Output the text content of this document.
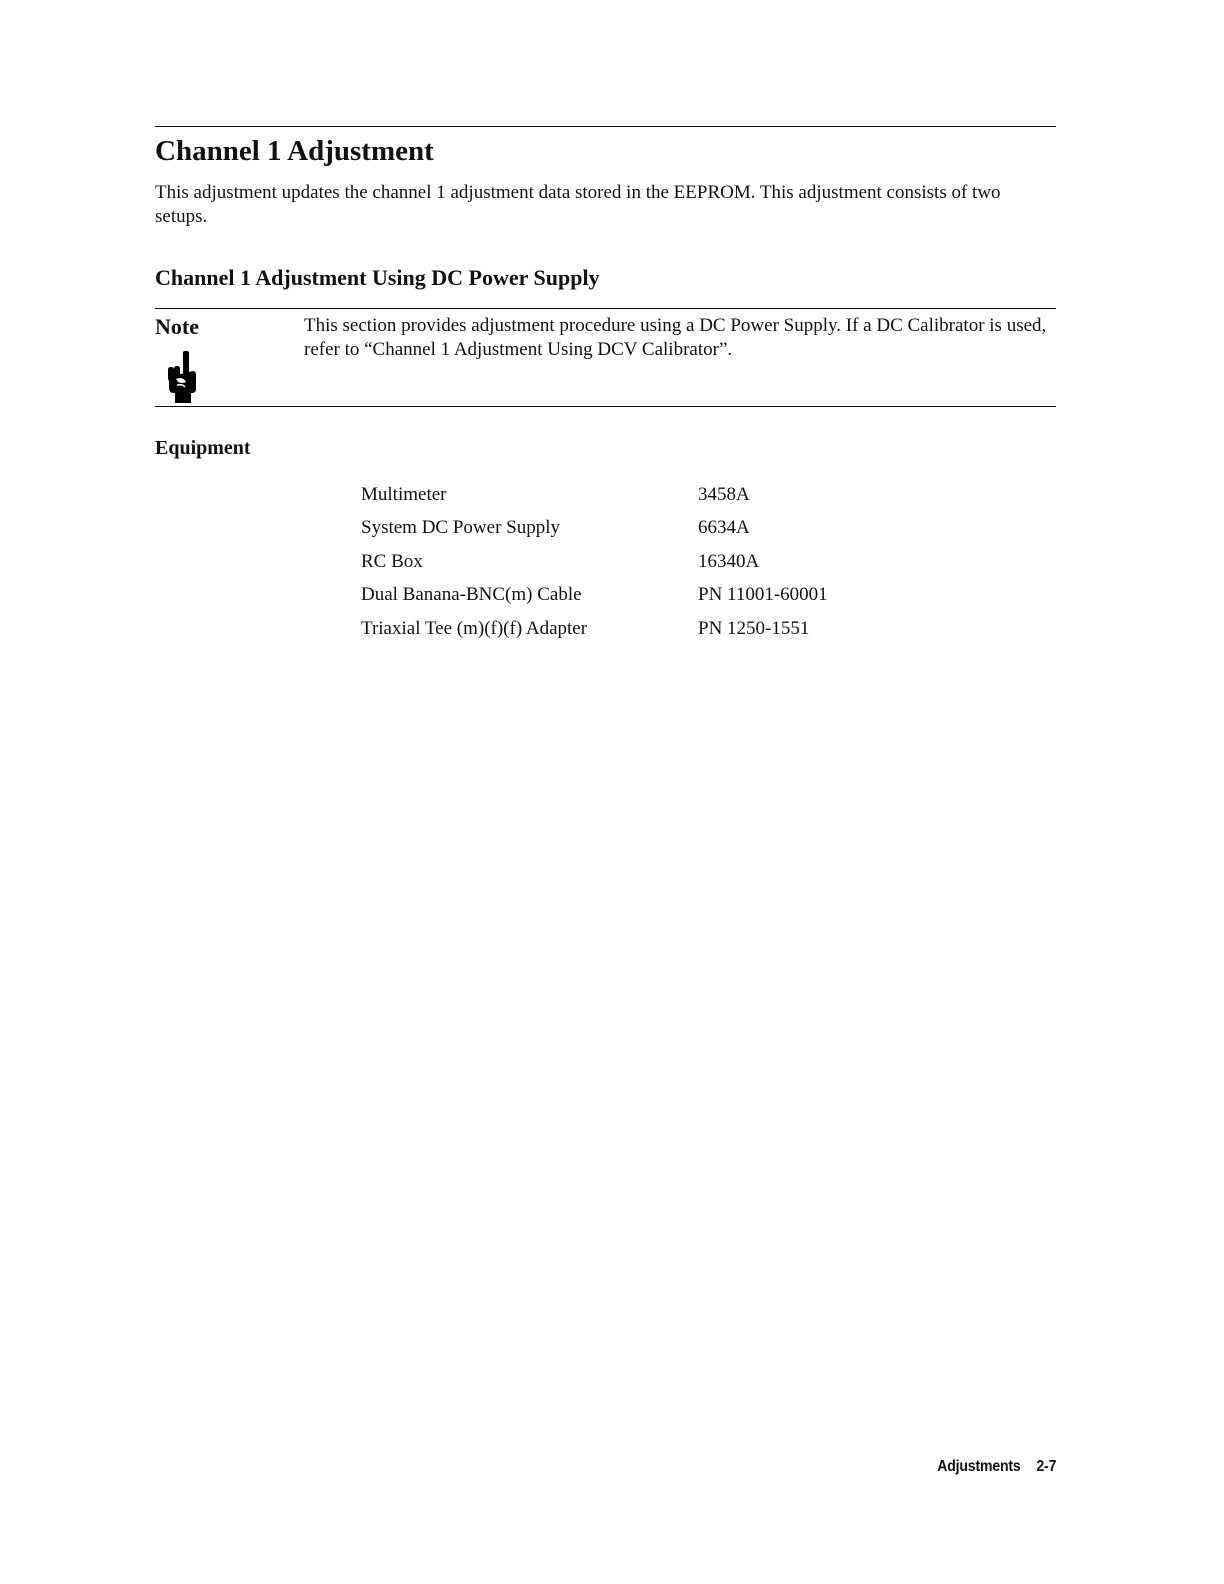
Channel 1 Adjustment

This adjustment updates the channel 1 adjustment data stored in the EEPROM. This adjustment consists of two setups.

Channel 1 Adjustment Using DC Power Supply
Note	This section provides adjustment procedure using a DC Power Supply. If a DC Calibrator is used, refer to “Channel 1 Adjustment Using DCV Calibrator”.
Equipment
Multimeter	3458A
System DC Power Supply	6634A
RC Box	16340A
Dual Banana-BNC(m) Cable	PN 11001-60001
Triaxial Tee (m)(f)(f) Adapter	PN 1250-1551
Adjustments 2-7
